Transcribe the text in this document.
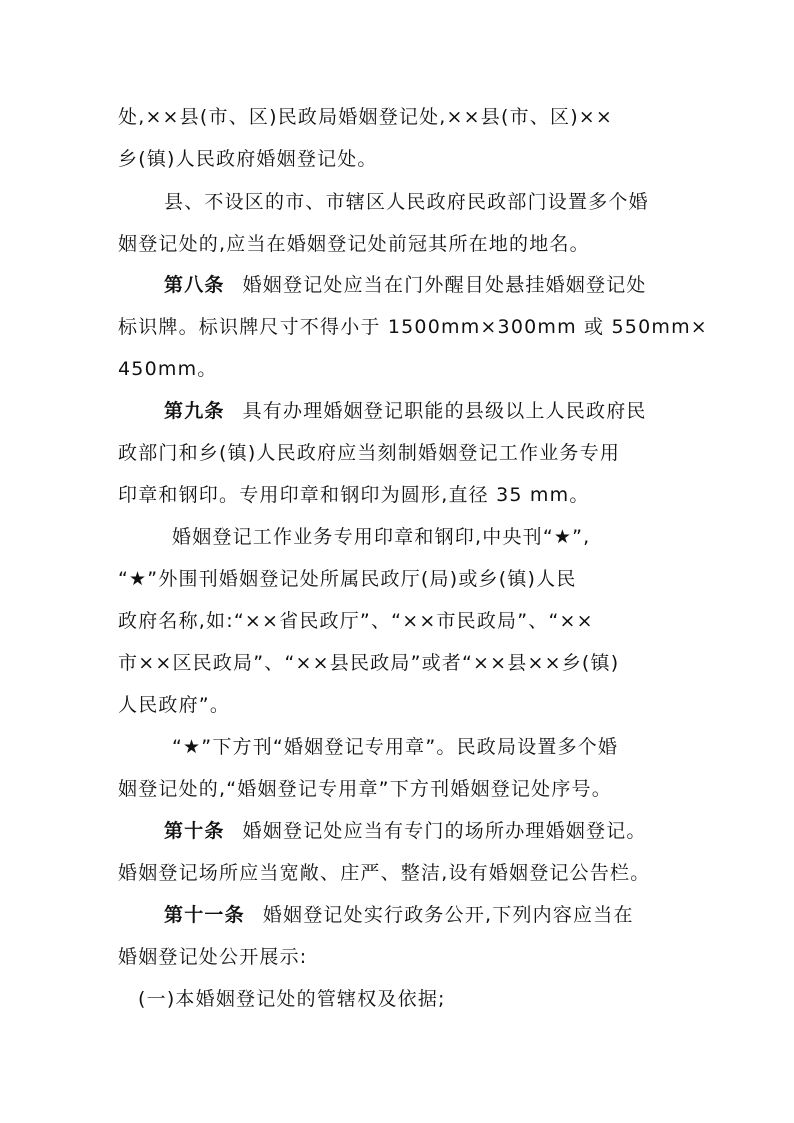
处,××县(市、区)民政局婚姻登记处,××县(市、区)××
乡(镇)人民政府婚姻登记处。
县、不设区的市、市辖区人民政府民政部门设置多个婚
姻登记处的,应当在婚姻登记处前冠其所在地的地名。
第八条 婚姻登记处应当在门外醒目处悬挂婚姻登记处
标识牌。标识牌尺寸不得小于 1500mm×300mm 或 550mm×
450mm。
第九条 具有办理婚姻登记职能的县级以上人民政府民
政部门和乡(镇)人民政府应当刻制婚姻登记工作业务专用
印章和钢印。专用印章和钢印为圆形,直径 35 mm。
婚姻登记工作业务专用印章和钢印,中央刊“★”,
“★”外围刊婚姻登记处所属民政厅(局)或乡(镇)人民
政府名称,如:“××省民政厅”、“××市民政局”、“××
市××区民政局”、“××县民政局”或者“××县××乡(镇)
人民政府”。
“★”下方刊“婚姻登记专用章”。民政局设置多个婚
姻登记处的,“婚姻登记专用章”下方刊婚姻登记处序号。
第十条 婚姻登记处应当有专门的场所办理婚姻登记。
婚姻登记场所应当宽敞、庄严、整洁,设有婚姻登记公告栏。
第十一条 婚姻登记处实行政务公开,下列内容应当在
婚姻登记处公开展示:
(一)本婚姻登记处的管辖权及依据;
